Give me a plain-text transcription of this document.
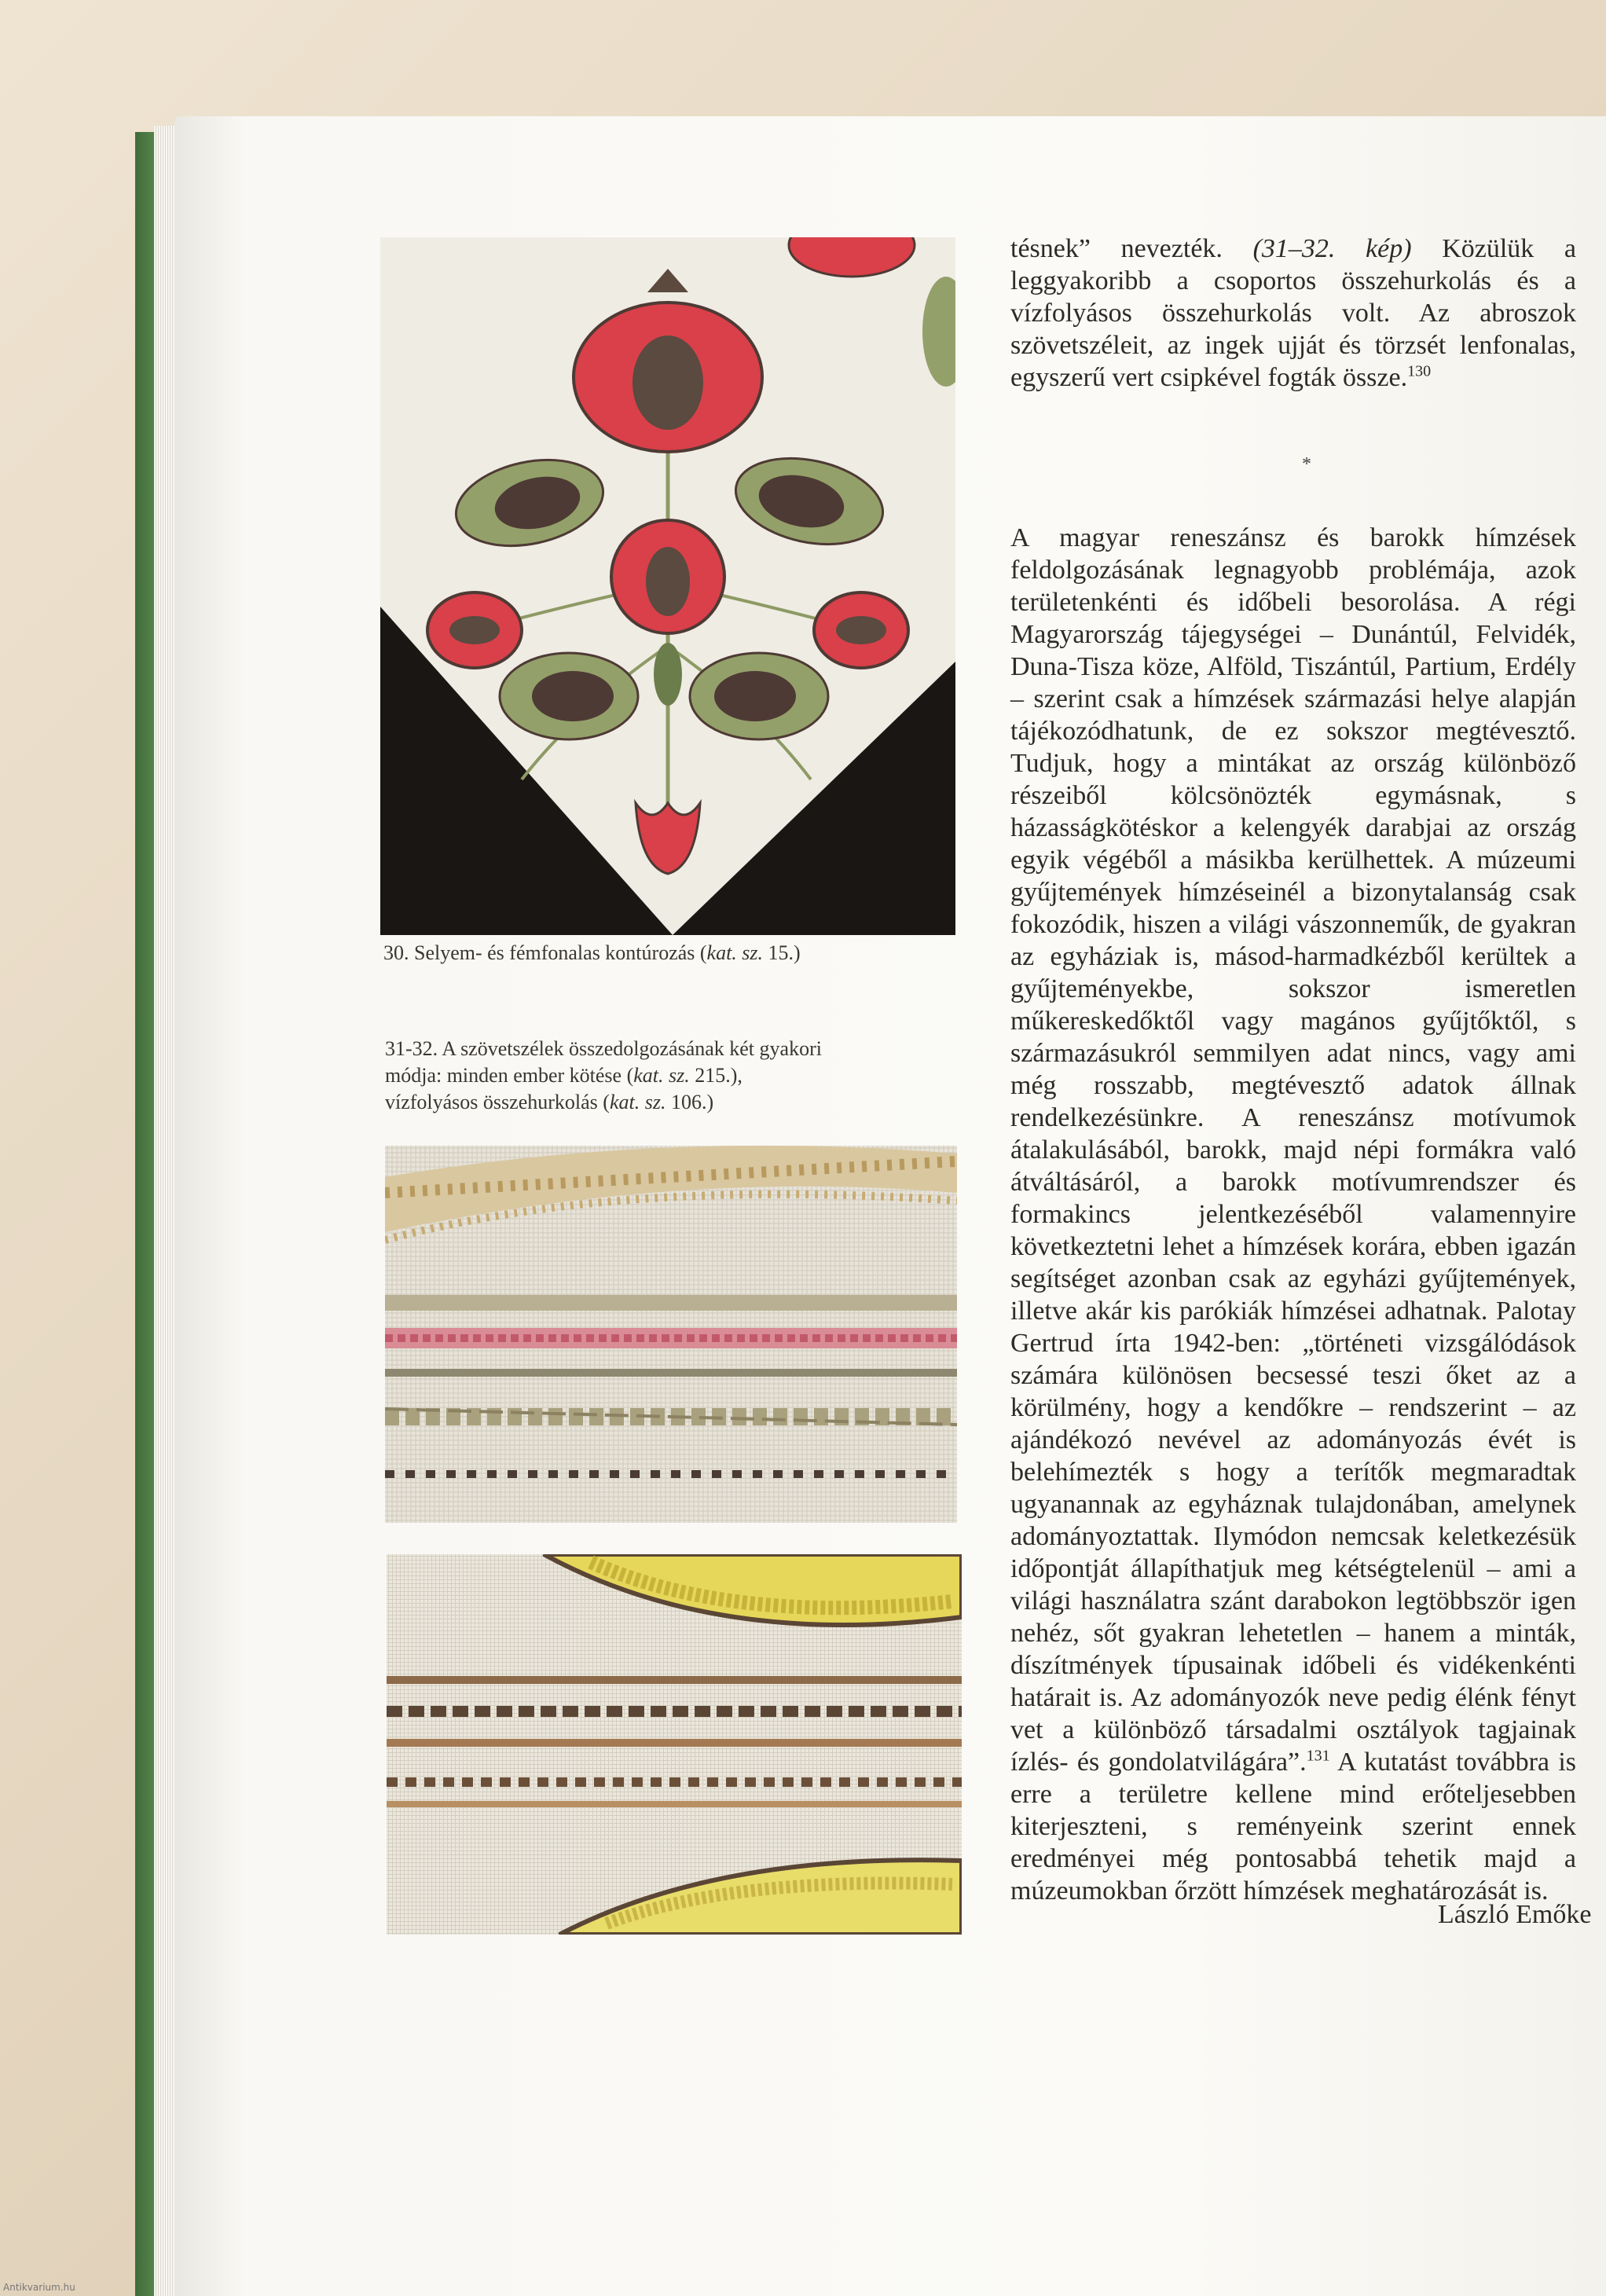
30. Selyem- és fémfonalas kontúrozás (kat. sz. 15.)

31-32. A szövetszélek összedolgozásának két gyakori
módja: minden ember kötése (kat. sz. 215.),
vízfolyásos összehurkolás (kat. sz. 106.)

tésnek” nevezték. (31–32. kép) Közülük a leggyakoribb a csoportos összehurkolás és a vízfolyásos összehurkolás volt. Az abroszok szövetszéleit, az ingek ujját és törzsét lenfonalas, egyszerű vert csipkével fogták össze.$^{130}$

*

A magyar reneszánsz és barokk hímzések feldolgozásának legnagyobb problémája, azok területenkénti és időbeli besorolása. A régi Magyarország tájegységei – Dunántúl, Felvidék, Duna-Tisza köze, Alföld, Tiszántúl, Partium, Erdély – szerint csak a hímzések származási helye alapján tájékozódhatunk, de ez sokszor megtévesztő. Tudjuk, hogy a mintákat az ország különböző részeiből kölcsönözték egymásnak, s házasságkötéskor a kelengyék darabjai az ország egyik végéből a másikba kerülhettek. A múzeumi gyűjtemények hímzéseinél a bizonytalanság csak fokozódik, hiszen a világi vászonneműk, de gyakran az egyháziak is, másod-harmadkézből kerültek a gyűjteményekbe, sokszor ismeretlen műkereskedőktől vagy magános gyűjtőktől, s származásukról semmilyen adat nincs, vagy ami még rosszabb, megtévesztő adatok állnak rendelkezésünkre. A reneszánsz motívumok átalakulásából, barokk, majd népi formákra való átváltásáról, a barokk motívumrendszer és formakincs jelentkezéséből valamennyire következtetni lehet a hímzések korára, ebben igazán segítséget azonban csak az egyházi gyűjtemények, illetve akár kis parókiák hímzései adhatnak. Palotay Gertrud írta 1942-ben: „történeti vizsgálódások számára különösen becsessé teszi őket az a körülmény, hogy a kendőkre – rendszerint – az ajándékozó nevével az adományozás évét is belehímezték s hogy a terítők megmaradtak ugyanannak az egyháznak tulajdonában, amelynek adományoztattak. Ilymódon nemcsak keletkezésük időpontját állapíthatjuk meg kétségtelenül – ami a világi használatra szánt darabokon legtöbbször igen nehéz, sőt gyakran lehetetlen – hanem a minták, díszítmények típusainak időbeli és vidékenkénti határait is. Az adományozók neve pedig élénk fényt vet a különböző társadalmi osztályok tagjainak ízlés- és gondolatvilágára”.$^{131}$ A kutatást továbbra is erre a területre kellene mind erőteljesebben kiterjeszteni, s reményeink szerint ennek eredményei még pontosabbá tehetik majd a múzeumokban őrzött hímzések meghatározását is.

László Emőke
Antikvarium.hu
